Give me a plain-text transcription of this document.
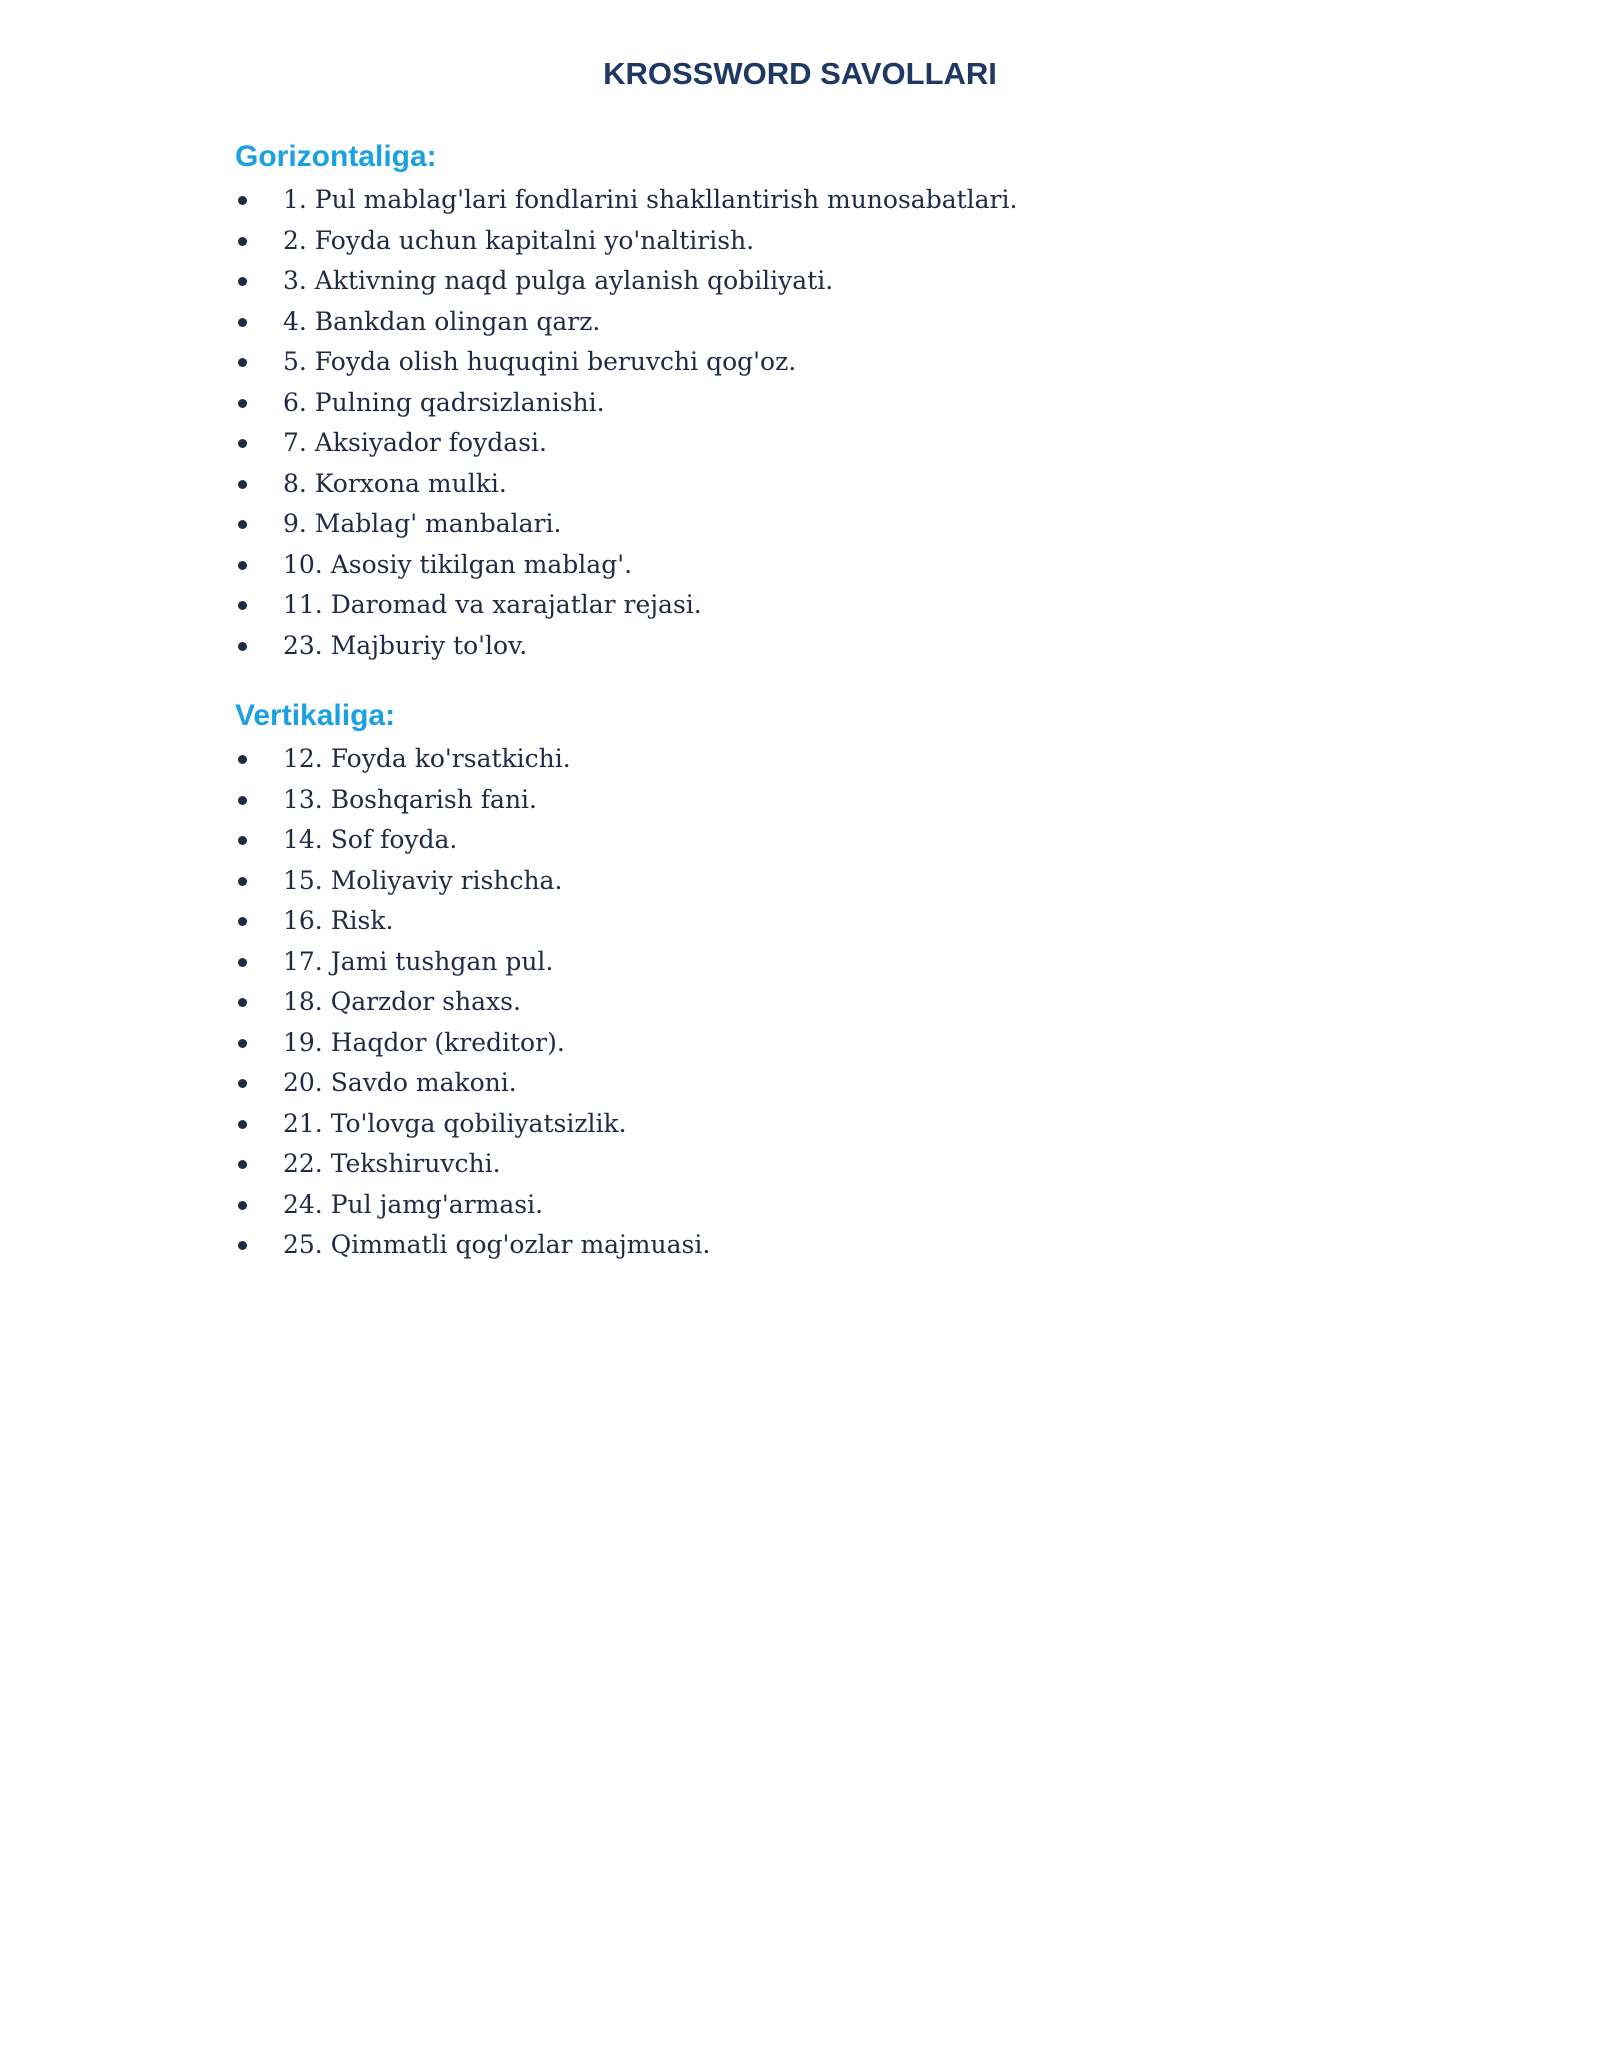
KROSSWORD SAVOLLARI
Gorizontaliga:
1. Pul mablag'lari fondlarini shakllantirish munosabatlari.
2. Foyda uchun kapitalni yo'naltirish.
3. Aktivning naqd pulga aylanish qobiliyati.
4. Bankdan olingan qarz.
5. Foyda olish huquqini beruvchi qog'oz.
6. Pulning qadrsizlanishi.
7. Aksiyador foydasi.
8. Korxona mulki.
9. Mablag' manbalari.
10. Asosiy tikilgan mablag'.
11. Daromad va xarajatlar rejasi.
23. Majburiy to'lov.
Vertikaliga:
12. Foyda ko'rsatkichi.
13. Boshqarish fani.
14. Sof foyda.
15. Moliyaviy rishcha.
16. Risk.
17. Jami tushgan pul.
18. Qarzdor shaxs.
19. Haqdor (kreditor).
20. Savdo makoni.
21. To'lovga qobiliyatsizlik.
22. Tekshiruvchi.
24. Pul jamg'armasi.
25. Qimmatli qog'ozlar majmuasi.
